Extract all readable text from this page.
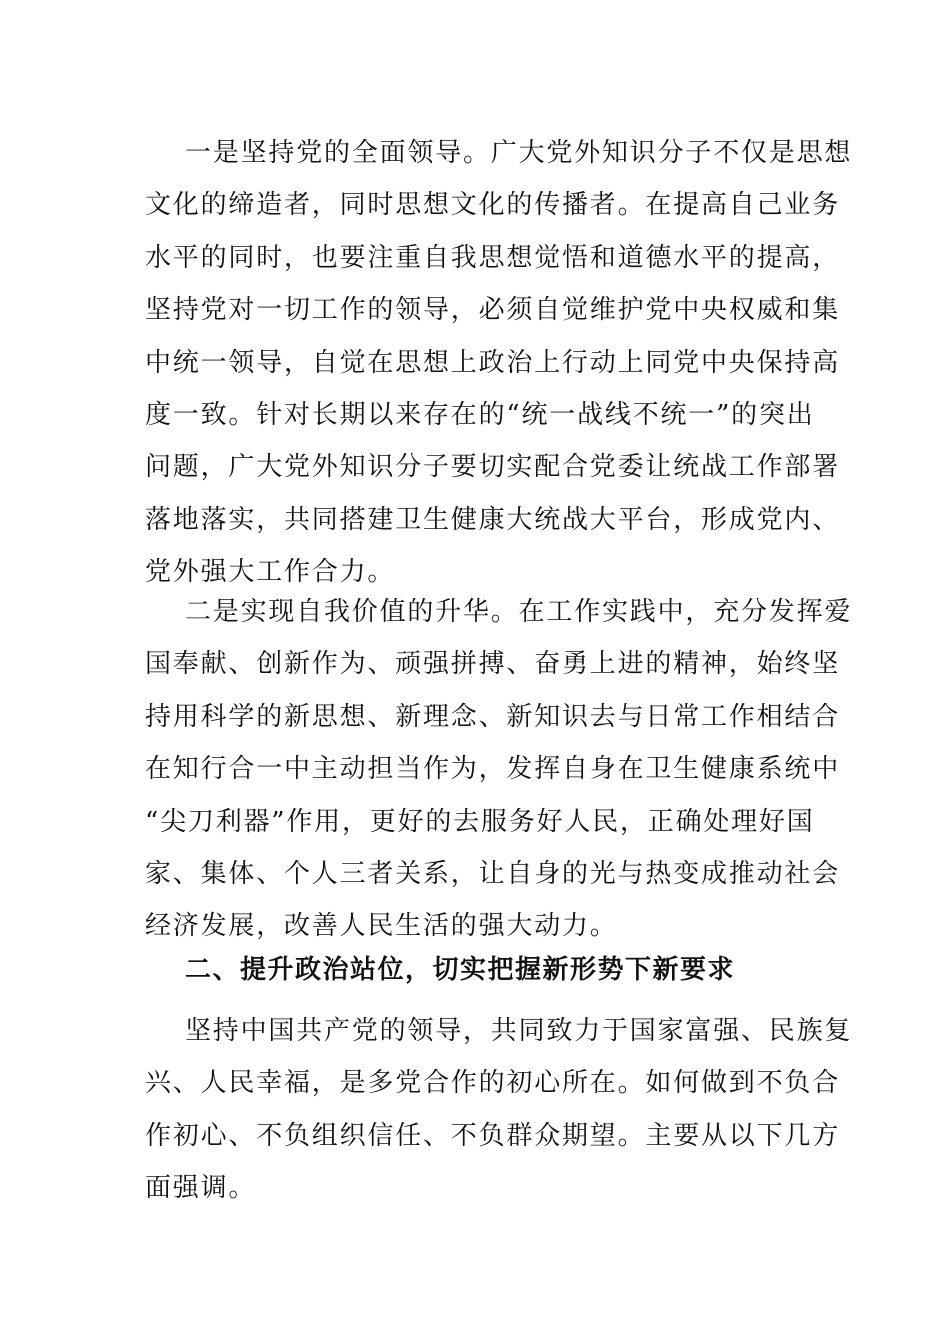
一是坚持党的全面领导。广大党外知识分子不仅是思想
文化的缔造者，同时思想文化的传播者。在提高自己业务
水平的同时，也要注重自我思想觉悟和道德水平的提高，
坚持党对一切工作的领导，必须自觉维护党中央权威和集
中统一领导，自觉在思想上政治上行动上同党中央保持高
度一致。针对长期以来存在的“统一战线不统一”的突出
问题，广大党外知识分子要切实配合党委让统战工作部署
落地落实，共同搭建卫生健康大统战大平台，形成党内、
党外强大工作合力。
二是实现自我价值的升华。在工作实践中，充分发挥爱
国奉献、创新作为、顽强拼搏、奋勇上进的精神，始终坚
持用科学的新思想、新理念、新知识去与日常工作相结合
在知行合一中主动担当作为，发挥自身在卫生健康系统中
“尖刀利器”作用，更好的去服务好人民，正确处理好国
家、集体、个人三者关系，让自身的光与热变成推动社会
经济发展，改善人民生活的强大动力。
二、提升政治站位，切实把握新形势下新要求
坚持中国共产党的领导，共同致力于国家富强、民族复
兴、人民幸福，是多党合作的初心所在。如何做到不负合
作初心、不负组织信任、不负群众期望。主要从以下几方
面强调。
